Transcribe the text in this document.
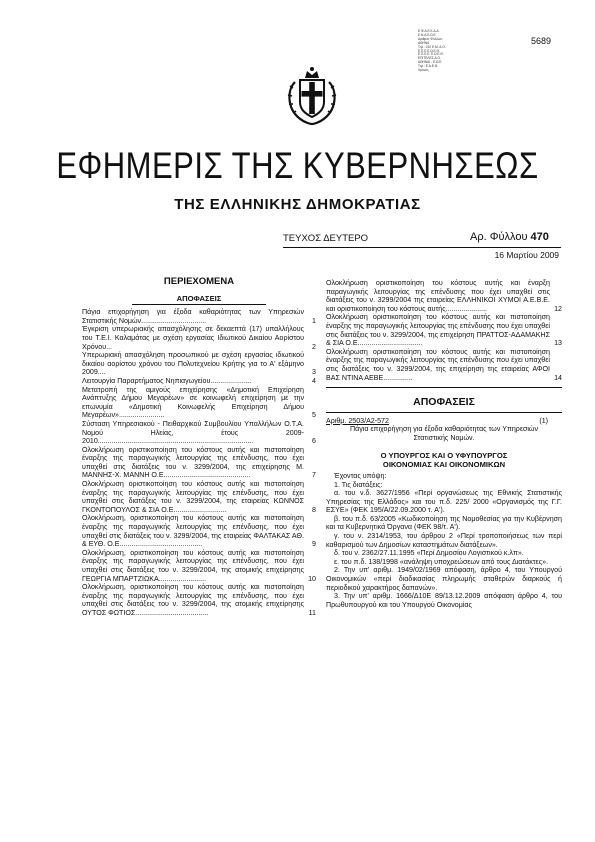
Ε.Φ.Δ.Ε.Κ.Δ.Α.
Ε.Ν.Α.Ε.Ω.Ε.
Αριθμός Φύλλων:
ΑΘΗΝΑ
Τηλ.: 210 Ε.Μ. Α.Ο.
Ε.Π.Ε.Ε.Ω.Ε.Θ.
Ε.Π.Ε.Ε. Ε.Ω.Ε.Θ.
ΕΠΙΤΕΛΕΣ.Α.Ο.
ΑΘΗΝΑΙ - Ε.Ω.Ε.
Τηλ.: Ε.Α.Ε.Θ.
Χρόνος
5689
ΕΦΗΜΕΡΙΣ ΤΗΣ ΚΥΒΕΡΝΗΣΕΩΣ
ΤΗΣ ΕΛΛΗΝΙΚΗΣ ΔΗΜΟΚΡΑΤΙΑΣ
ΤΕΥΧΟΣ ΔΕΥΤΕΡΟ	Αρ. Φύλλου 470
16 Μαρτίου 2009
ΠΕΡΙΕΧΟΜΕΝΑ
ΑΠΟΦΑΣΕΙΣ
Πάγια επιχορήγηση για έξοδα καθαριότητας των Υπηρεσιών Στατιστικής Νομών.................................	1
Έγκριση υπερωριακής απασχόλησης σε δεκαεπτά (17) υπαλλήλους του Τ.Ε.Ι. Καλαμάτας με σχέση εργασίας Ιδιωτικού Δικαίου Αορίστου Χρόνου...	2
Υπερωριακή απασχόληση προσωπικού με σχέση εργασίας ιδιωτικού δικαίου αορίστου χρόνου του Πολυτεχνείου Κρήτης για το Α' εξάμηνο 2009....	3
Λειτουργία Παραρτήματος Νηπιαγωγείου.....................	4
Μετατροπή της αμιγούς επιχείρησης «Δημοτική Επιχείρηση Ανάπτυξης Δήμου Μεγαρέων» σε κοινωφελή επιχείρηση με την επωνυμία «Δημοτική Κοινωφελής Επιχείρηση Δήμου Μεγαρέων».......................	5
Σύσταση Υπηρεσιακού - Πειθαρχικού Συμβουλίου Υπαλλήλων Ο.Τ.Α. Νομού Ηλείας, έτους 2009-2010...............................................................................	6
Ολοκλήρωση οριστικοποίηση του κόστους αυτής και πιστοποίηση έναρξης της παραγωγικής λειτουργίας της επένδυσης, που έχει υπαχθεί στις διατάξεις του ν. 3299/2004, της επιχείρησης Μ. ΜΑΝΝΗΣ-Χ. ΜΑΝΝΗ Ο.Ε............................................	7
Ολοκλήρωση οριστικοποίηση του κόστους αυτής και πιστοποίηση έναρξης της παραγωγικής λειτουργίας της επένδυσης, που έχει υπαχθεί στις διατάξεις του ν. 3299/2004, της εταιρείας ΚΩΝΝΟΣ ΓΚΟΝΤΟΠΟΥΛΟΣ & ΣΙΑ Ο.Ε...........................	8
Ολοκλήρωση, οριστικοποίηση του κόστους αυτής και πιστοποίηση έναρξης της παραγωγικής λειτουργίας της επένδυσης, που έχει υπαχθεί στις διατάξεις του ν. 3299/2004, της εταιρείας ΦΑΛΤΑΚΑΣ ΑΘ. & ΕΥΘ. Ο.Ε..........................................	9
Ολοκλήρωση, οριστικοποίηση του κόστους αυτής και πιστοποίηση έναρξης της παραγωγικής λειτουργίας της επένδυσης, που έχει υπαχθεί στις διατάξεις του ν. 3299/2004, της ατομικής επιχείρησης ΓΕΩΡΓΙΑ ΜΠΑΡΤΖΙΩΚΑ........................	10
Ολοκλήρωση, οριστικοποίηση του κόστους αυτής και πιστοποίηση έναρξης της παραγωγικής λειτουργίας της επένδυσης, που έχει υπαχθεί στις διατάξεις του ν. 3299/2004, της ατομικής επιχείρησης ΟΥΤΟΣ ΦΩΤΙΟΣ.....................................	11
Ολοκλήρωση οριστικοποίηση του κόστους αυτής και έναρξη παραγωγικής λειτουργίας της επένδυσης που έχει υπαχθεί στις διατάξεις του ν. 3299/2004 της εταιρείας ΕΛΛΗΝΙΚΟΙ ΧΥΜΟΙ Α.Ε.Β.Ε. και οριστικοποίηση του κόστους αυτής.....................	12
Ολοκλήρωση οριστικοποίηση του κόστους αυτής και πιστοποίηση έναρξης της παραγωγικής λειτουργίας της επένδυσης που έχει υπαχθεί στις διατάξεις του ν. 3299/2004, της επιχείρηση ΠΡΑΤΤΟΣ-ΑΔΑΜΑΚΗΣ & ΣΙΑ Ο.Ε.................................	13
Ολοκλήρωση οριστικοποίηση του κόστους αυτής και πιστοποίηση έναρξης της παραγωγικής λειτουργίας της επένδυσης που έχει υπαχθεί στις διατάξεις του ν. 3299/2004, της επιχείρηση της εταιρείας ΑΦΟΙ ΒΑΣ ΝΤΙΝΑ ΑΕΒΕ...............	14
ΑΠΟΦΑΣΕΙΣ
Αριθμ. 2503/Α2-572	(1)
Πάγια επιχορήγηση για έξοδα καθαριότητας των Υπηρεσιών Στατιστικής Νομών.
Ο ΥΠΟΥΡΓΟΣ ΚΑΙ Ο ΥΦΥΠΟΥΡΓΟΣ
ΟΙΚΟΝΟΜΙΑΣ ΚΑΙ ΟΙΚΟΝΟΜΙΚΩΝ
Έχοντας υπόψη:
1. Τις διατάξεις:
α. του ν.δ. 3627/1956 «Περί οργανώσεως της Εθνικής Στατιστικής Υπηρεσίας της Ελλάδος» και του π.δ. 225/ 2000 «Οργανισμός της Γ.Γ. ΕΣΥΕ» (ΦΕΚ 195/Α/22.09.2000 τ. Α').
β. του π.δ. 63/2005 «Κωδικοποίηση της Νομοθεσίας για την Κυβέρνηση και τα Κυβερνητικά Όργανα (ΦΕΚ 98/τ. Α').
γ. του ν. 2314/1953, του άρθρου 2 «Περί τροποποιήσεως των περί καθαρισμού των Δημοσίων καταστημάτων διατάξεων».
δ. του ν. 2362/27.11.1995 «Περί Δημοσίου Λογιστικού κ.λπ».
ε. του π.δ. 138/1998 «ανάληψη υποχρεώσεων από τους Διατάκτες».
2. Την υπ' αριθμ. 1949/02/1969 απόφαση, άρθρο 4, του Υπουργού Οικονομικών «περί διαδικασίας πληρωμής σταθερών διαρκούς ή περιοδικού χαρακτήρος δαπανών».
3. Την υπ' αριθμ. 1666/Δ10Ε 89/13.12.2009 απόφαση άρθρο 4, του Πρωθυπουργού και του Υπουργού Οικονομίας
